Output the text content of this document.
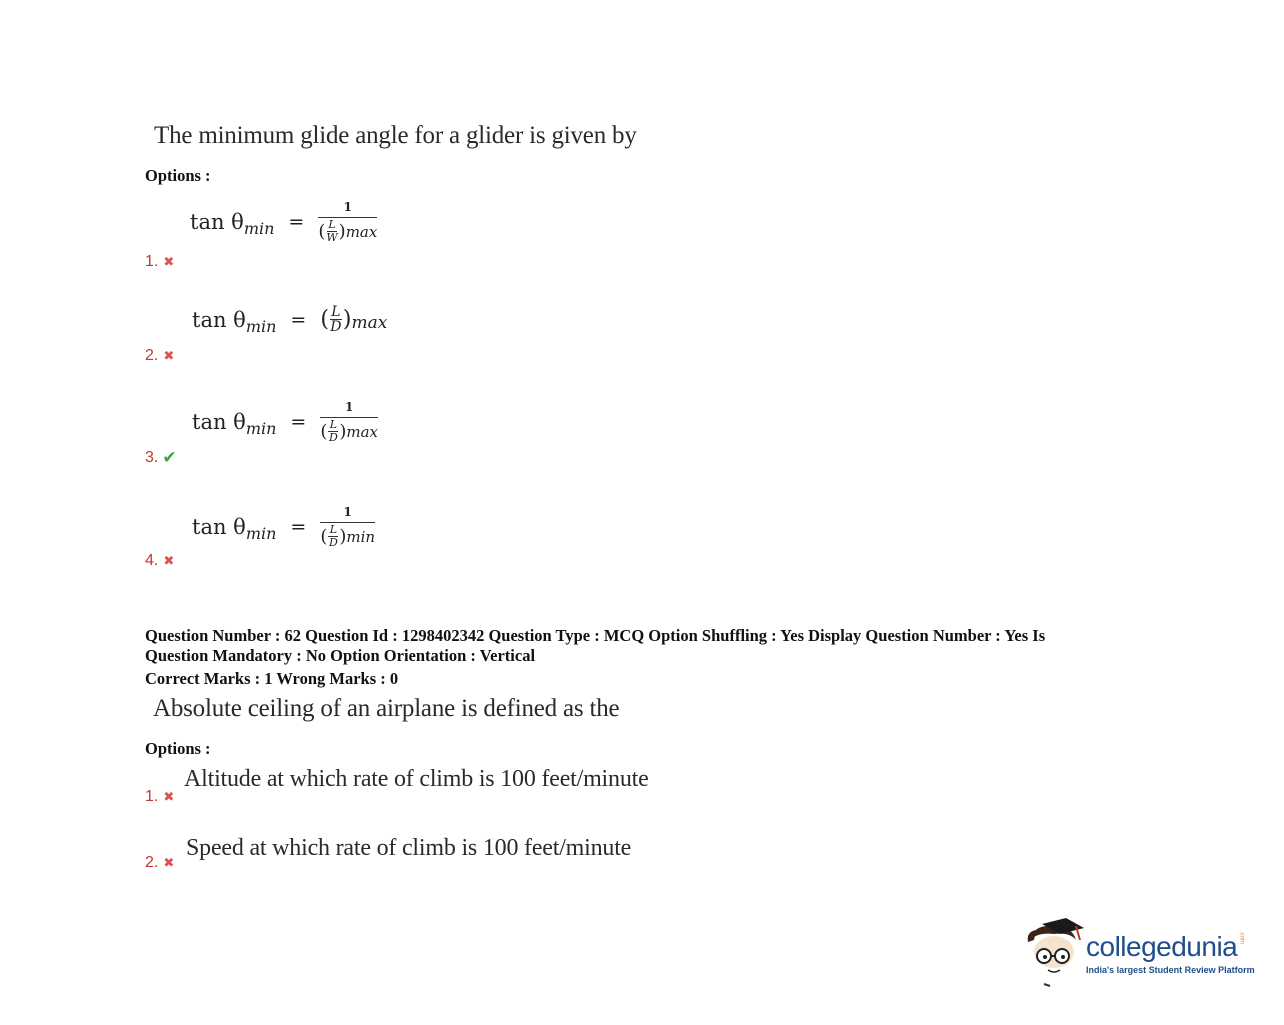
The minimum glide angle for a glider is given by
Options :
tan θ min = 1
( L
W ) max
1. ✖
tan θ min = ( L
D ) max
2. ✖
tan θ min = 1
( L
D ) max
3. ✔
tan θ min = 1
( L
D ) min
4. ✖
Question Number : 62 Question Id : 1298402342 Question Type : MCQ Option Shuffling : Yes Display Question Number : Yes Is
Question Mandatory : No Option Orientation : Vertical
Correct Marks : 1 Wrong Marks : 0
Absolute ceiling of an airplane is defined as the
Options :
Altitude at which rate of climb is 100 feet/minute
1. ✖
Speed at which rate of climb is 100 feet/minute
2. ✖
collegedunia .com
India's largest Student Review Platform
